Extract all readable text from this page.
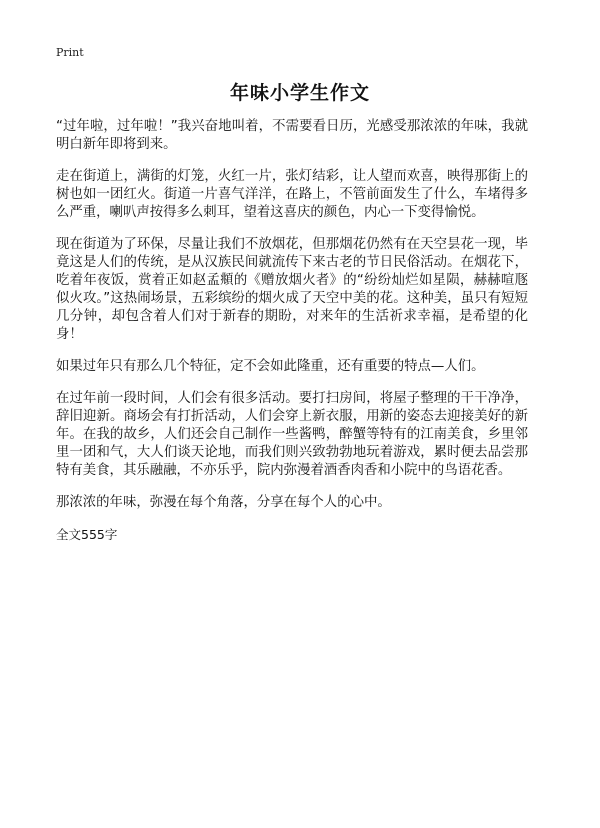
Print
年味小学生作文

“过年啦，过年啦！”我兴奋地叫着，不需要看日历，光感受那浓浓的年味，我就明白新年即将到来。

走在街道上，满街的灯笼，火红一片，张灯结彩，让人望而欢喜，映得那街上的树也如一团红火。街道一片喜气洋洋，在路上，不管前面发生了什么，车堵得多么严重，喇叭声按得多么刺耳，望着这喜庆的颜色，内心一下变得愉悦。

现在街道为了环保，尽量让我们不放烟花，但那烟花仍然有在天空昙花一现，毕竟这是人们的传统，是从汉族民间就流传下来古老的节日民俗活动。在烟花下，吃着年夜饭，赏着正如赵孟頫的《赠放烟火者》的“纷纷灿烂如星陨，赫赫喧豗似火攻。”这热闹场景，五彩缤纷的烟火成了天空中美的花。这种美，虽只有短短几分钟，却包含着人们对于新春的期盼，对来年的生活祈求幸福，是希望的化身！

如果过年只有那么几个特征，定不会如此隆重，还有重要的特点—人们。

在过年前一段时间，人们会有很多活动。要打扫房间，将屋子整理的干干净净，辞旧迎新。商场会有打折活动，人们会穿上新衣服，用新的姿态去迎接美好的新年。在我的故乡，人们还会自己制作一些酱鸭，醉蟹等特有的江南美食，乡里邻里一团和气，大人们谈天论地，而我们则兴致勃勃地玩着游戏，累时便去品尝那特有美食，其乐融融，不亦乐乎，院内弥漫着酒香肉香和小院中的鸟语花香。

那浓浓的年味，弥漫在每个角落，分享在每个人的心中。

全文555字
